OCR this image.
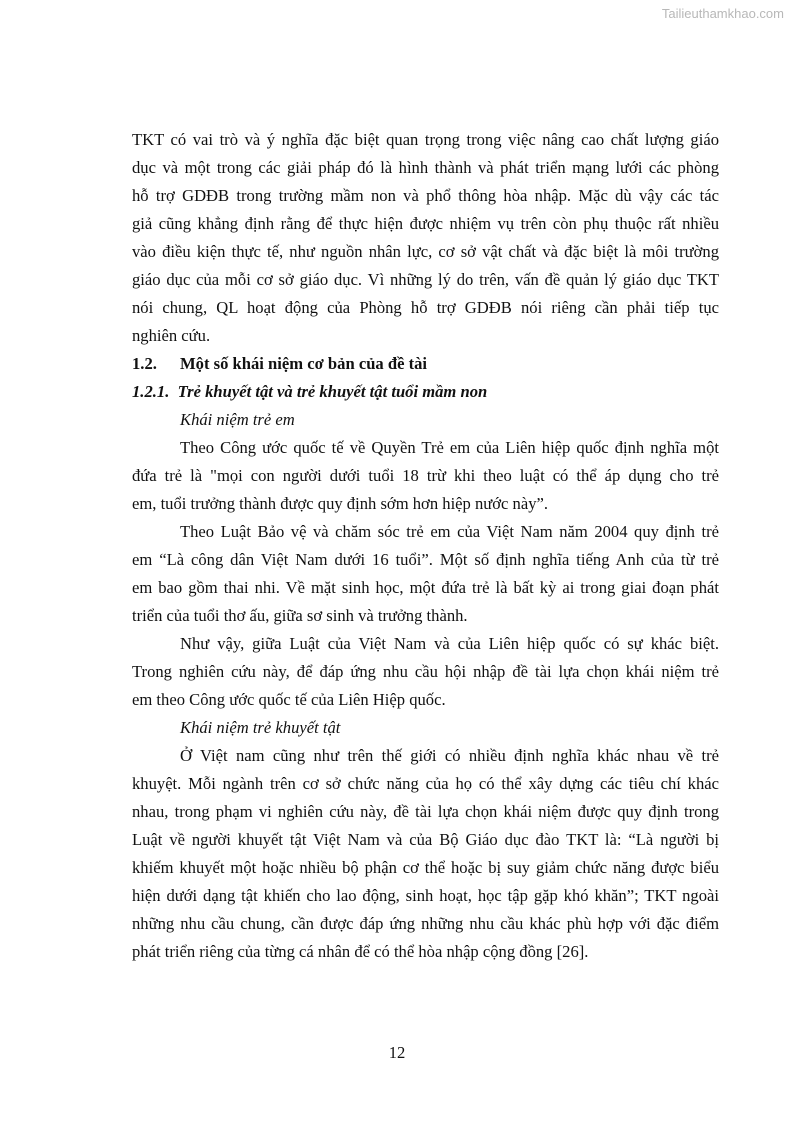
Tailieuthamkhao.com
TKT có vai trò và ý nghĩa đặc biệt quan trọng trong việc nâng cao chất lượng giáo
dục và một trong các giải pháp đó là hình thành và phát triển mạng lưới các phòng
hỗ trợ GDĐB trong trường mầm non và phổ thông hòa nhập. Mặc dù vậy các tác
giả cũng khẳng định rằng để thực hiện được nhiệm vụ trên còn phụ thuộc rất nhiều
vào điều kiện thực tế, như nguồn nhân lực, cơ sở vật chất và đặc biệt là môi trường
giáo dục của mỗi cơ sở giáo dục. Vì những lý do trên, vấn đề quản lý giáo dục TKT
nói chung, QL hoạt động của Phòng hỗ trợ GDĐB nói riêng cần phải tiếp tục
nghiên cứu.
1.2. Một số khái niệm cơ bản của đề tài
1.2.1.  Trẻ khuyết tật và trẻ khuyết tật tuổi mầm non
Khái niệm trẻ em
Theo Công ước quốc tế về Quyền Trẻ em của Liên hiệp quốc định nghĩa một
đứa trẻ là "mọi con người dưới tuổi 18 trừ khi theo luật có thể áp dụng cho trẻ
em, tuổi trưởng thành được quy định sớm hơn hiệp nước này”.
Theo Luật Bảo vệ và chăm sóc trẻ em của Việt Nam năm 2004 quy định trẻ
em “Là công dân Việt Nam dưới 16 tuổi”. Một số định nghĩa tiếng Anh của từ trẻ
em bao gồm thai nhi. Về mặt sinh học, một đứa trẻ là bất kỳ ai trong giai đoạn phát
triển của tuổi thơ ấu, giữa sơ sinh và trưởng thành.
Như vậy, giữa Luật của Việt Nam và của Liên hiệp quốc có sự khác biệt.
Trong nghiên cứu này, để đáp ứng nhu cầu hội nhập đề tài lựa chọn khái niệm trẻ
em theo Công ước quốc tế của Liên Hiệp quốc.
Khái niệm trẻ khuyết tật
Ở Việt nam cũng như trên thế giới có nhiều định nghĩa khác nhau về trẻ
khuyệt. Mỗi ngành trên cơ sở chức năng của họ có thể xây dựng các tiêu chí khác
nhau, trong phạm vi nghiên cứu này, đề tài lựa chọn khái niệm được quy định trong
Luật về người khuyết tật Việt Nam và của Bộ Giáo dục đào TKT là: “Là người bị
khiếm khuyết một hoặc nhiều bộ phận cơ thể hoặc bị suy giảm chức năng được biểu
hiện dưới dạng tật khiến cho lao động, sinh hoạt, học tập gặp khó khăn”; TKT ngoài
những nhu cầu chung, cần được đáp ứng những nhu cầu khác phù hợp với đặc điểm
phát triển riêng của từng cá nhân để có thể hòa nhập cộng đồng [26].
12
